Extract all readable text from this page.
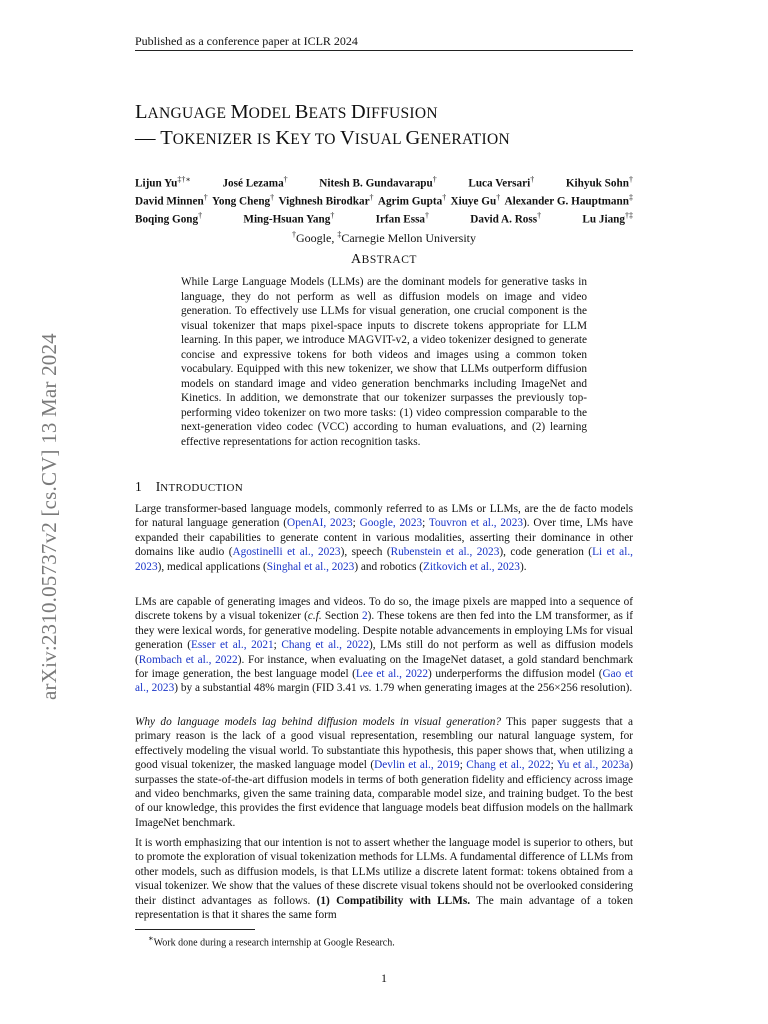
Published as a conference paper at ICLR 2024
arXiv:2310.05737v2 [cs.CV] 13 Mar 2024
LANGUAGE MODEL BEATS DIFFUSION
— TOKENIZER IS KEY TO VISUAL GENERATION
Lijun Yu‡†∗	José Lezama†	Nitesh B. Gundavarapu†	Luca Versari†	Kihyuk Sohn†
David Minnen† Yong Cheng† Vighnesh Birodkar† Agrim Gupta† Xiuye Gu† Alexander G. Hauptmann‡
Boqing Gong†	Ming-Hsuan Yang†	Irfan Essa†	David A. Ross†	Lu Jiang†‡
†Google, ‡Carnegie Mellon University
ABSTRACT
While Large Language Models (LLMs) are the dominant models for generative tasks in language, they do not perform as well as diffusion models on image and video generation. To effectively use LLMs for visual generation, one crucial component is the visual tokenizer that maps pixel-space inputs to discrete tokens appropriate for LLM learning. In this paper, we introduce MAGVIT-v2, a video tokenizer designed to generate concise and expressive tokens for both videos and images using a common token vocabulary. Equipped with this new tokenizer, we show that LLMs outperform diffusion models on standard image and video generation benchmarks including ImageNet and Kinetics. In addition, we demonstrate that our tokenizer surpasses the previously top-performing video tokenizer on two more tasks: (1) video compression comparable to the next-generation video codec (VCC) according to human evaluations, and (2) learning effective representations for action recognition tasks.
1 INTRODUCTION
Large transformer-based language models, commonly referred to as LMs or LLMs, are the de facto models for natural language generation (OpenAI, 2023; Google, 2023; Touvron et al., 2023). Over time, LMs have expanded their capabilities to generate content in various modalities, asserting their dominance in other domains like audio (Agostinelli et al., 2023), speech (Rubenstein et al., 2023), code generation (Li et al., 2023), medical applications (Singhal et al., 2023) and robotics (Zitkovich et al., 2023).
LMs are capable of generating images and videos. To do so, the image pixels are mapped into a sequence of discrete tokens by a visual tokenizer (c.f. Section 2). These tokens are then fed into the LM transformer, as if they were lexical words, for generative modeling. Despite notable advancements in employing LMs for visual generation (Esser et al., 2021; Chang et al., 2022), LMs still do not perform as well as diffusion models (Rombach et al., 2022). For instance, when evaluating on the ImageNet dataset, a gold standard benchmark for image generation, the best language model (Lee et al., 2022) underperforms the diffusion model (Gao et al., 2023) by a substantial 48% margin (FID 3.41 vs. 1.79 when generating images at the 256×256 resolution).
Why do language models lag behind diffusion models in visual generation? This paper suggests that a primary reason is the lack of a good visual representation, resembling our natural language system, for effectively modeling the visual world. To substantiate this hypothesis, this paper shows that, when utilizing a good visual tokenizer, the masked language model (Devlin et al., 2019; Chang et al., 2022; Yu et al., 2023a) surpasses the state-of-the-art diffusion models in terms of both generation fidelity and efficiency across image and video benchmarks, given the same training data, comparable model size, and training budget. To the best of our knowledge, this provides the first evidence that language models beat diffusion models on the hallmark ImageNet benchmark.
It is worth emphasizing that our intention is not to assert whether the language model is superior to others, but to promote the exploration of visual tokenization methods for LLMs. A fundamental difference of LLMs from other models, such as diffusion models, is that LLMs utilize a discrete latent format: tokens obtained from a visual tokenizer. We show that the values of these discrete visual tokens should not be overlooked considering their distinct advantages as follows. (1) Compatibility with LLMs. The main advantage of a token representation is that it shares the same form
∗Work done during a research internship at Google Research.
1
